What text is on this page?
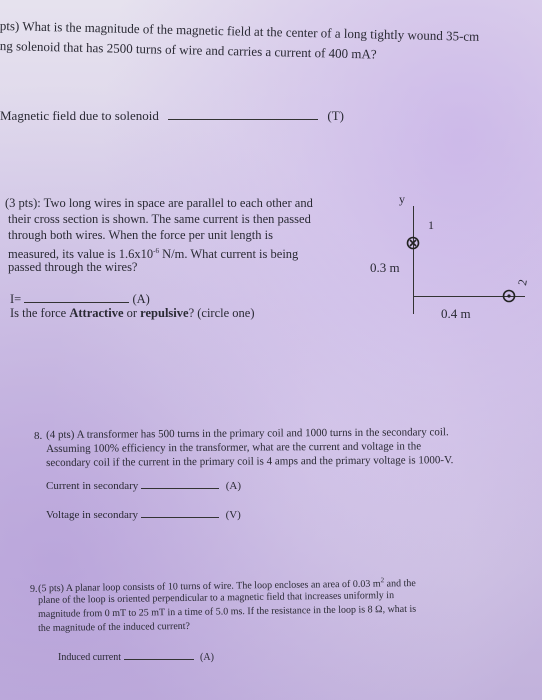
pts) What is the magnitude of the magnetic field at the center of a long tightly wound 35-cm
ng solenoid that has 2500 turns of wire and carries a current of 400 mA?
Magnetic field due to solenoid	(T)
(3 pts): Two long wires in space are parallel to each other and
their cross section is shown. The same current is then passed
through both wires. When the force per unit length is
measured, its value is $1.6x10^{-6}$ N/m. What current is being
passed through the wires?
I=	(A)
Is the force Attractive or repulsive? (circle one)
y
1
0.3 m
2
0.4 m
8. (4 pts) A transformer has 500 turns in the primary coil and 1000 turns in the secondary coil.
Assuming 100% efficiency in the transformer, what are the current and voltage in the
secondary coil if the current in the primary coil is 4 amps and the primary voltage is 1000-V.
Current in secondary	(A)
Voltage in secondary	(V)
9. (5 pts) A planar loop consists of 10 turns of wire. The loop encloses an area of 0.03 $m^2$ and the
plane of the loop is oriented perpendicular to a magnetic field that increases uniformly in
magnitude from 0 mT to 25 mT in a time of 5.0 ms. If the resistance in the loop is 8 Ω, what is
the magnitude of the induced current?
Induced current	(A)
